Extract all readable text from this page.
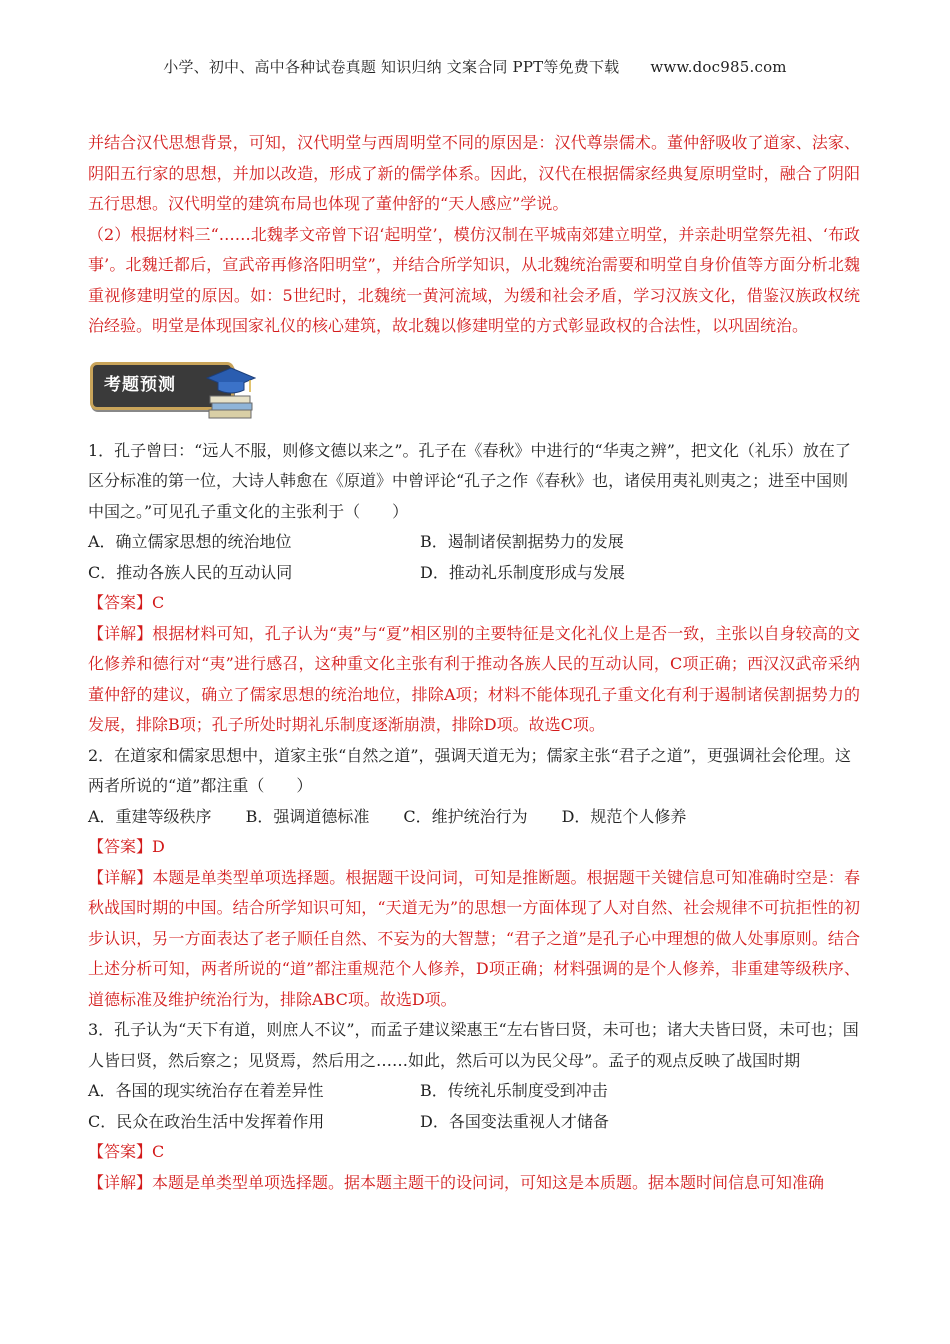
小学、初中、高中各种试卷真题 知识归纳 文案合同 PPT等免费下载 www.doc985.com

并结合汉代思想背景，可知，汉代明堂与西周明堂不同的原因是：汉代尊崇儒术。董仲舒吸收了道家、法家、阴阳五行家的思想，并加以改造，形成了新的儒学体系。因此，汉代在根据儒家经典复原明堂时，融合了阴阳五行思想。汉代明堂的建筑布局也体现了董仲舒的“天人感应”学说。

（2）根据材料三“……北魏孝文帝曾下诏‘起明堂’，模仿汉制在平城南郊建立明堂，并亲赴明堂祭先祖、‘布政事’。北魏迁都后，宣武帝再修洛阳明堂”，并结合所学知识，从北魏统治需要和明堂自身价值等方面分析北魏重视修建明堂的原因。如：5世纪时，北魏统一黄河流域，为缓和社会矛盾，学习汉族文化，借鉴汉族政权统治经验。明堂是体现国家礼仪的核心建筑，故北魏以修建明堂的方式彰显政权的合法性，以巩固统治。

考题预测

1．孔子曾曰：“远人不服，则修文德以来之”。孔子在《春秋》中进行的“华夷之辨”，把文化（礼乐）放在了区分标准的第一位，大诗人韩愈在《原道》中曾评论“孔子之作《春秋》也，诸侯用夷礼则夷之；进至中国则中国之。”可见孔子重文化的主张利于（　　）

A．确立儒家思想的统治地位	B．遏制诸侯割据势力的发展

C．推动各族人民的互动认同	D．推动礼乐制度形成与发展

【答案】C

【详解】根据材料可知，孔子认为“夷”与“夏”相区别的主要特征是文化礼仪上是否一致，主张以自身较高的文化修养和德行对“夷”进行感召，这种重文化主张有利于推动各族人民的互动认同，C项正确；西汉汉武帝采纳董仲舒的建议，确立了儒家思想的统治地位，排除A项；材料不能体现孔子重文化有利于遏制诸侯割据势力的发展，排除B项；孔子所处时期礼乐制度逐渐崩溃，排除D项。故选C项。

2．在道家和儒家思想中，道家主张“自然之道”，强调天道无为；儒家主张“君子之道”，更强调社会伦理。这两者所说的“道”都注重（　　）

A．重建等级秩序 B．强调道德标准 C．维护统治行为 D．规范个人修养

【答案】D

【详解】本题是单类型单项选择题。根据题干设问词，可知是推断题。根据题干关键信息可知准确时空是：春秋战国时期的中国。结合所学知识可知，“天道无为”的思想一方面体现了人对自然、社会规律不可抗拒性的初步认识，另一方面表达了老子顺任自然、不妄为的大智慧；“君子之道”是孔子心中理想的做人处事原则。结合上述分析可知，两者所说的“道”都注重规范个人修养，D项正确；材料强调的是个人修养，非重建等级秩序、道德标准及维护统治行为，排除ABC项。故选D项。

3．孔子认为“天下有道，则庶人不议”，而孟子建议梁惠王“左右皆曰贤，未可也；诸大夫皆曰贤，未可也；国人皆曰贤，然后察之；见贤焉，然后用之……如此，然后可以为民父母”。孟子的观点反映了战国时期

A．各国的现实统治存在着差异性	B．传统礼乐制度受到冲击

C．民众在政治生活中发挥着作用	D．各国变法重视人才储备

【答案】C

【详解】本题是单类型单项选择题。据本题主题干的设问词，可知这是本质题。据本题时间信息可知准确
